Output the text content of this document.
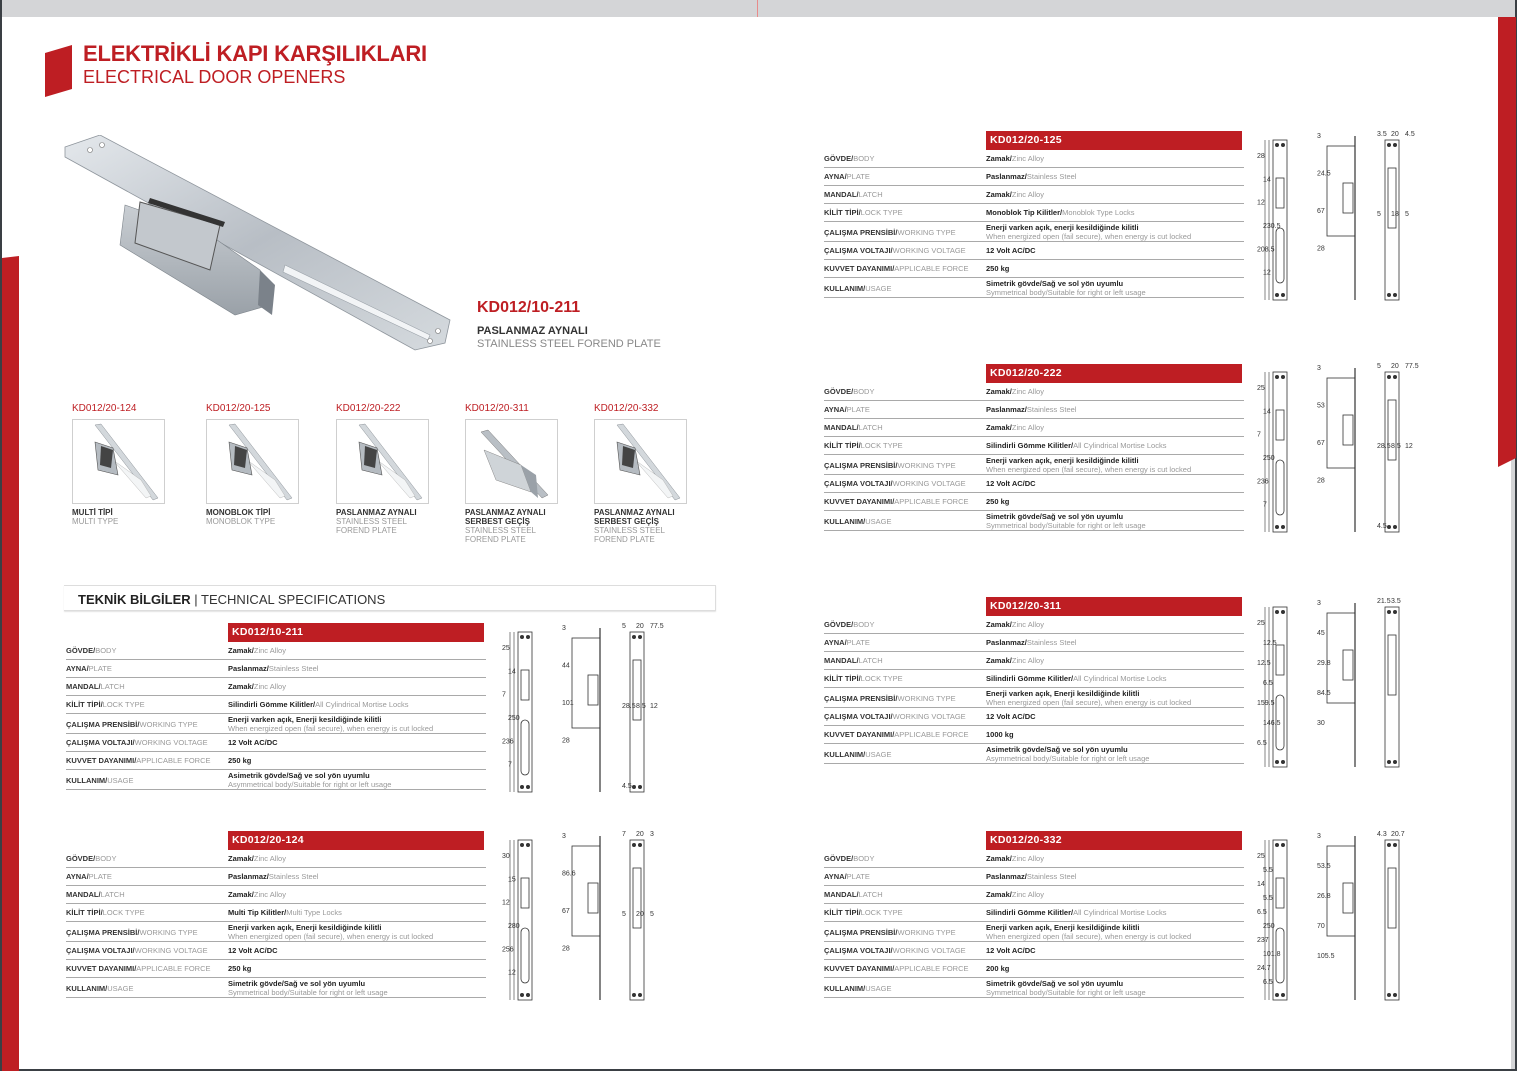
ELEKTRİKLİ KAPI KARŞILIKLARI
ELECTRICAL DOOR OPENERS
KD012/10-211
PASLANMAZ AYNALI
STAINLESS STEEL FOREND PLATE
KD012/20-124
MULTİ TİPİ
MULTI TYPE
KD012/20-125
MONOBLOK TİPİ
MONOBLOK TYPE
KD012/20-222
PASLANMAZ AYNALI
STAINLESS STEEL
FOREND PLATE
KD012/20-311
PASLANMAZ AYNALI
SERBEST GEÇİŞ
STAINLESS STEEL
FOREND PLATE
KD012/20-332
PASLANMAZ AYNALI
SERBEST GEÇİŞ
STAINLESS STEEL
FOREND PLATE
TEKNİK BİLGİLER | TECHNICAL SPECIFICATIONS
KD012/10-211
GÖVDE/BODY	Zamak/Zinc Alloy
AYNA/PLATE	Paslanmaz/Stainless Steel
MANDAL/LATCH	Zamak/Zinc Alloy
KİLİT TİPİ/LOCK TYPE	Silindirli Gömme Kilitler/All Cylindrical Mortise Locks
ÇALIŞMA PRENSİBİ/WORKING TYPE
Enerji varken açık, Enerji kesildiğinde kilitli
When energized open (fail secure), when energy is cut locked
ÇALIŞMA VOLTAJI/WORKING VOLTAGE	12 Volt AC/DC
KUVVET DAYANIMI/APPLICABLE FORCE	250 kg
KULLANIM/USAGE
Asimetrik gövde/Sağ ve sol yön uyumlu
Asymmetrical body/Suitable for right or left usage
25
14
7
250
236
7
3
44
101
28
5 20 77.5
28.5 8.5 12
4.5
KD012/20-124
GÖVDE/BODY	Zamak/Zinc Alloy
AYNA/PLATE	Paslanmaz/Stainless Steel
MANDAL/LATCH	Zamak/Zinc Alloy
KİLİT TİPİ/LOCK TYPE	Multi Tip Kilitler/Multi Type Locks
ÇALIŞMA PRENSİBİ/WORKING TYPE
Enerji varken açık, Enerji kesildiğinde kilitli
When energized open (fail secure), when energy is cut locked
ÇALIŞMA VOLTAJI/WORKING VOLTAGE	12 Volt AC/DC
KUVVET DAYANIMI/APPLICABLE FORCE	250 kg
KULLANIM/USAGE
Simetrik gövde/Sağ ve sol yön uyumlu
Symmetrical body/Suitable for right or left usage
30
15
12
280
256
12
3
86.6
67
28
7 20 3
5 20 5
KD012/20-125
GÖVDE/BODY	Zamak/Zinc Alloy
AYNA/PLATE	Paslanmaz/Stainless Steel
MANDAL/LATCH	Zamak/Zinc Alloy
KİLİT TİPİ/LOCK TYPE	Monoblok Tip Kilitler/Monoblok Type Locks
ÇALIŞMA PRENSİBİ/WORKING TYPE
Enerji varken açık, enerji kesildiğinde kilitli
When energized open (fail secure), when energy is cut locked
ÇALIŞMA VOLTAJI/WORKING VOLTAGE	12 Volt AC/DC
KUVVET DAYANIMI/APPLICABLE FORCE	250 kg
KULLANIM/USAGE
Simetrik gövde/Sağ ve sol yön uyumlu
Symmetrical body/Suitable for right or left usage
28
14
12
230.5
208.5
12
3
24.5
67
28
3.5 20 4.5
5 18 5
KD012/20-222
GÖVDE/BODY	Zamak/Zinc Alloy
AYNA/PLATE	Paslanmaz/Stainless Steel
MANDAL/LATCH	Zamak/Zinc Alloy
KİLİT TİPİ/LOCK TYPE	Silindirli Gömme Kilitler/All Cylindrical Mortise Locks
ÇALIŞMA PRENSİBİ/WORKING TYPE
Enerji varken açık, enerji kesildiğinde kilitli
When energized open (fail secure), when energy is cut locked
ÇALIŞMA VOLTAJI/WORKING VOLTAGE	12 Volt AC/DC
KUVVET DAYANIMI/APPLICABLE FORCE	250 kg
KULLANIM/USAGE
Simetrik gövde/Sağ ve sol yön uyumlu
Symmetrical body/Suitable for right or left usage
25
14
7
250
236
7
3
53
67
28
5 20 77.5
28.5 8.5 12
4.5
KD012/20-311
GÖVDE/BODY	Zamak/Zinc Alloy
AYNA/PLATE	Paslanmaz/Stainless Steel
MANDAL/LATCH	Zamak/Zinc Alloy
KİLİT TİPİ/LOCK TYPE	Silindirli Gömme Kilitler/All Cylindrical Mortise Locks
ÇALIŞMA PRENSİBİ/WORKING TYPE
Enerji varken açık, Enerji kesildiğinde kilitli
When energized open (fail secure), when energy is cut locked
ÇALIŞMA VOLTAJI/WORKING VOLTAGE	12 Volt AC/DC
KUVVET DAYANIMI/APPLICABLE FORCE	1000 kg
KULLANIM/USAGE
Asimetrik gövde/Sağ ve sol yön uyumlu
Asymmetrical body/Suitable for right or left usage
25
12.5
12.5
6.5
159.5
146.5
6.5
3
45
29.8
84.5
30
21.5 3.5
KD012/20-332
GÖVDE/BODY	Zamak/Zinc Alloy
AYNA/PLATE	Paslanmaz/Stainless Steel
MANDAL/LATCH	Zamak/Zinc Alloy
KİLİT TİPİ/LOCK TYPE	Silindirli Gömme Kilitler/All Cylindrical Mortise Locks
ÇALIŞMA PRENSİBİ/WORKING TYPE
Enerji varken açık, Enerji kesildiğinde kilitli
When energized open (fail secure), when energy is cut locked
ÇALIŞMA VOLTAJI/WORKING VOLTAGE	12 Volt AC/DC
KUVVET DAYANIMI/APPLICABLE FORCE	200 kg
KULLANIM/USAGE
Simetrik gövde/Sağ ve sol yön uyumlu
Symmetrical body/Suitable for right or left usage
25
5.5
14
5.5
6.5
250
237
101.8
24.7
6.5
3
53.5
26.8
70
105.5
4.3 20.7
